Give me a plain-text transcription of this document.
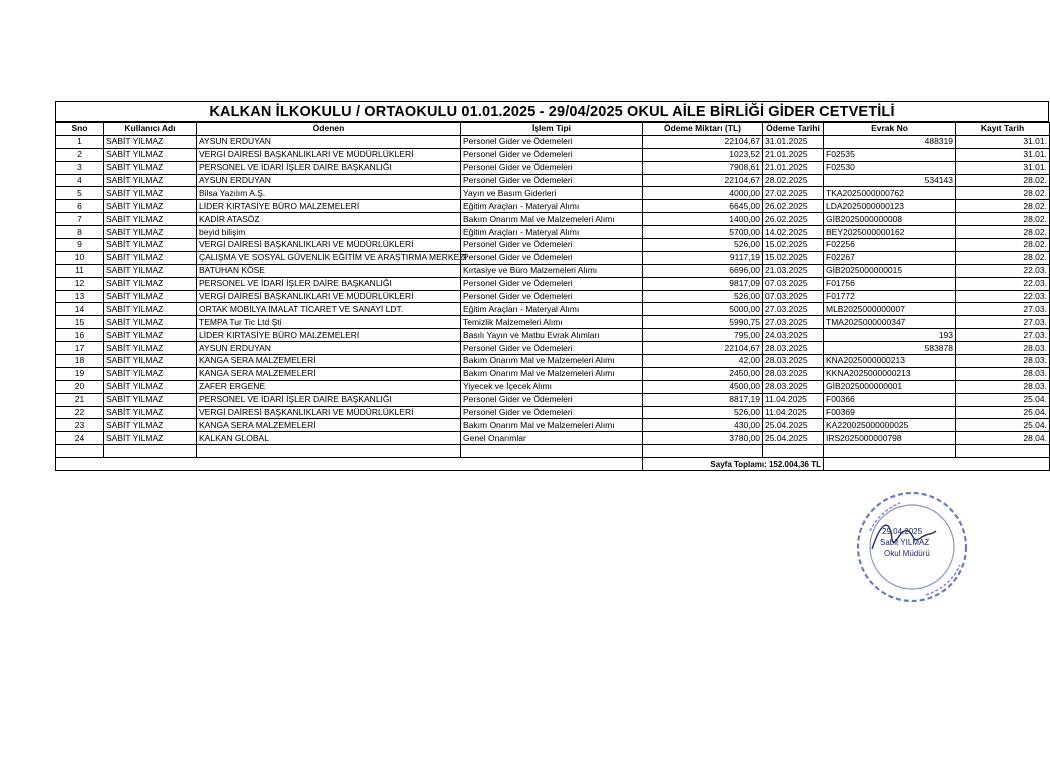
KALKAN İLKOKULU / ORTAOKULU 01.01.2025 - 29/04/2025 OKUL AİLE BİRLİĞİ GİDER CETVETİLİ
Sno	Kullanıcı Adı	Ödenen	İşlem Tipi	Ödeme Miktarı (TL)	Ödeme Tarihi	Evrak No	Kayıt Tarih
1	SABİT YILMAZ	AYSUN ERDUYAN	Personel Gider ve Ödemeleri	22104,67	31.01.2025	488319	31.01.
2	SABİT YILMAZ	VERGİ DAİRESİ BAŞKANLIKLARI VE MÜDÜRLÜKLERİ	Personel Gider ve Ödemeleri	1023,52	21.01.2025	F02535	31.01.
3	SABİT YILMAZ	PERSONEL VE İDARİ İŞLER DAİRE BAŞKANLIĞI	Personel Gider ve Ödemeleri	7908,61	21.01.2025	F02530	31.01.
4	SABİT YILMAZ	AYSUN ERDUYAN	Personel Gider ve Ödemeleri	22104,67	28.02.2025	534143	28.02.
5	SABİT YILMAZ	Bilsa Yazılım A.Ş.	Yayın ve Basım Giderleri	4000,00	27.02.2025	TKA2025000000762	28.02.
6	SABİT YILMAZ	LİDER KIRTASİYE BÜRO MALZEMELERİ	Eğitim Araçları - Materyal Alımı	6645,00	26.02.2025	LDA2025000000123	28.02.
7	SABİT YILMAZ	KADİR ATASÖZ	Bakım Onarım Mal ve Malzemeleri Alımı	1400,00	26.02.2025	GİB2025000000008	28.02.
8	SABİT YILMAZ	beyid bilişim	Eğitim Araçları - Materyal Alımı	5700,00	14.02.2025	BEY2025000000162	28.02.
9	SABİT YILMAZ	VERGİ DAİRESİ BAŞKANLIKLARI VE MÜDÜRLÜKLERİ	Personel Gider ve Ödemeleri	526,00	15.02.2025	F02256	28.02.
10	SABİT YILMAZ	ÇALIŞMA VE SOSYAL GÜVENLİK EĞİTİM VE ARAŞTIRMA MERKEZİ	Personel Gider ve Ödemeleri	9117,19	15.02.2025	F02267	28.02.
11	SABİT YILMAZ	BATUHAN KÖSE	Kırtasiye ve Büro Malzemeleri Alımı	6696,00	21.03.2025	GİB2025000000015	22.03.
12	SABİT YILMAZ	PERSONEL VE İDARİ İŞLER DAİRE BAŞKANLIĞI	Personel Gider ve Ödemeleri	9817,09	07.03.2025	F01756	22.03.
13	SABİT YILMAZ	VERGİ DAİRESİ BAŞKANLIKLARI VE MÜDÜRLÜKLERİ	Personel Gider ve Ödemeleri	526,00	07.03.2025	F01772	22.03.
14	SABİT YILMAZ	ORTAK MOBİLYA İMALAT TİCARET VE SANAYİ LDT.	Eğitim Araçları - Materyal Alımı	5000,00	27.03.2025	MLB2025000000007	27.03.
15	SABİT YILMAZ	TEMPA Tur Tic Ltd Şti	Temizlik Malzemeleri Alımı	5990,75	27.03.2025	TMA2025000000347	27.03.
16	SABİT YILMAZ	LİDER KIRTASİYE BÜRO MALZEMELERİ	Basılı Yayın ve Matbu Evrak Alımları	795,00	24.03.2025	193	27.03.
17	SABİT YILMAZ	AYSUN ERDUYAN	Personel Gider ve Ödemeleri	22104,67	28.03.2025	583878	28.03.
18	SABİT YILMAZ	KANGA SERA MALZEMELERİ	Bakım Onarım Mal ve Malzemeleri Alımı	42,00	28.03.2025	KNA2025000000213	28.03.
19	SABİT YILMAZ	KANGA SERA MALZEMELERİ	Bakım Onarım Mal ve Malzemeleri Alımı	2450,00	28.03.2025	KKNA2025000000213	28.03.
20	SABİT YILMAZ	ZAFER ERGENE	Yiyecek ve İçecek Alımı	4500,00	28.03.2025	GİB2025000000001	28.03.
21	SABİT YILMAZ	PERSONEL VE İDARİ İŞLER DAİRE BAŞKANLIĞI	Personel Gider ve Ödemeleri	8817,19	11.04.2025	F00366	25.04.
22	SABİT YILMAZ	VERGİ DAİRESİ BAŞKANLIKLARI VE MÜDÜRLÜKLERİ	Personel Gider ve Ödemeleri	526,00	11.04.2025	F00369	25.04.
23	SABİT YILMAZ	KANGA SERA MALZEMELERİ	Bakım Onarım Mal ve Malzemeleri Alımı	430,00	25.04.2025	KA220025000000025	25.04.
24	SABİT YILMAZ	KALKAN GLOBAL	Genel Onarımlar	3780,00	25.04.2025	IRS2025000000798	28.04.

				Sayfa Toplamı: 152.004,36 TL			
29.04.2025
Sabit YILMAZ
Okul Müdürü
